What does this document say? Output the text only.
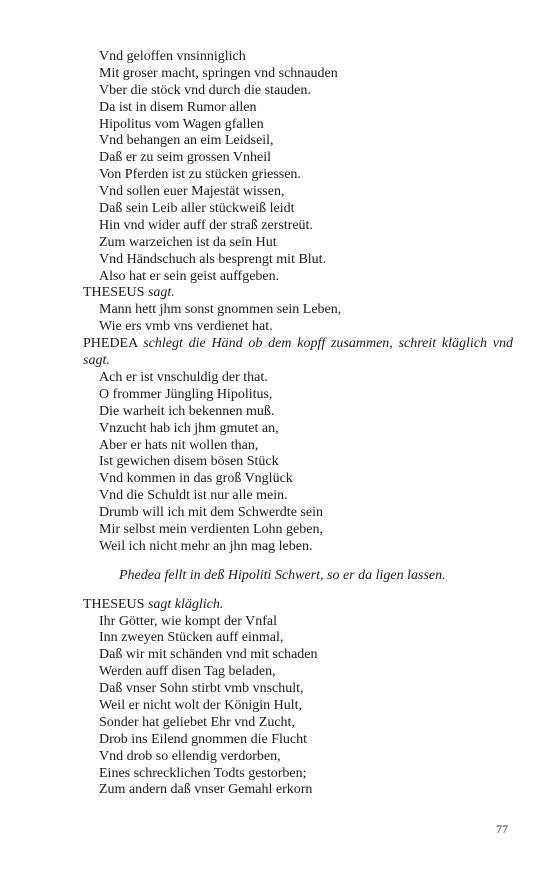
Vnd geloffen vnsinniglich
Mit groser macht, springen vnd schnauden
Vber die stöck vnd durch die stauden.
Da ist in disem Rumor allen
Hipolitus vom Wagen gfallen
Vnd behangen an eim Leidseil,
Daß er zu seim grossen Vnheil
Von Pferden ist zu stücken griessen.
Vnd sollen euer Majestät wissen,
Daß sein Leib aller stückweiß leidt
Hin vnd wider auff der straß zerstreüt.
Zum warzeichen ist da sein Hut
Vnd Händschuch als besprengt mit Blut.
Also hat er sein geist auffgeben.
THESEUS sagt.
Mann hett jhm sonst gnommen sein Leben,
Wie ers vmb vns verdienet hat.
PHEDEA schlegt die Händ ob dem kopff zusammen, schreit kläglich vnd sagt.
Ach er ist vnschuldig der that.
O frommer Jüngling Hipolitus,
Die warheit ich bekennen muß.
Vnzucht hab ich jhm gmutet an,
Aber er hats nit wollen than,
Ist gewichen disem bösen Stück
Vnd kommen in das groß Vnglück
Vnd die Schuldt ist nur alle mein.
Drumb will ich mit dem Schwerdte sein
Mir selbst mein verdienten Lohn geben,
Weil ich nicht mehr an jhn mag leben.
Phedea fellt in deß Hipoliti Schwert, so er da ligen lassen.
THESEUS sagt kläglich.
Ihr Götter, wie kompt der Vnfal
Inn zweyen Stücken auff einmal,
Daß wir mit schänden vnd mit schaden
Werden auff disen Tag beladen,
Daß vnser Sohn stirbt vmb vnschult,
Weil er nicht wolt der Königin Hult,
Sonder hat geliebet Ehr vnd Zucht,
Drob ins Eilend gnommen die Flucht
Vnd drob so ellendig verdorben,
Eines schrecklichen Todts gestorben;
Zum andern daß vnser Gemahl erkorn
77
